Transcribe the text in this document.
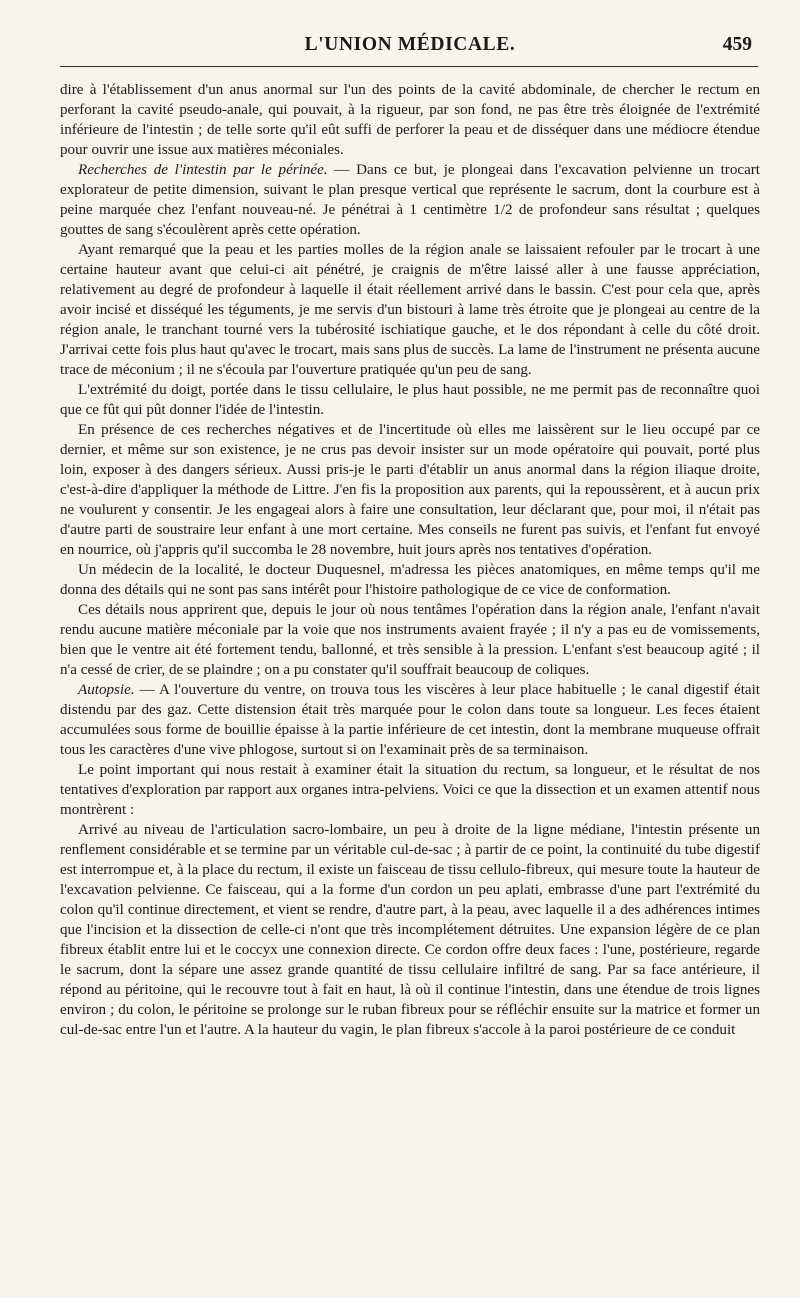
L'UNION MÉDICALE.	459

dire à l'établissement d'un anus anormal sur l'un des points de la cavité abdominale, de chercher le rectum en perforant la cavité pseudo-anale, qui pouvait, à la rigueur, par son fond, ne pas être très éloignée de l'extrémité inférieure de l'intestin ; de telle sorte qu'il eût suffi de perforer la peau et de disséquer dans une médiocre étendue pour ouvrir une issue aux matières méconiales.

Recherches de l'intestin par le périnée. — Dans ce but, je plongeai dans l'excavation pelvienne un trocart explorateur de petite dimension, suivant le plan presque vertical que représente le sacrum, dont la courbure est à peine marquée chez l'enfant nouveau-né. Je pénétrai à 1 centimètre 1/2 de profondeur sans résultat ; quelques gouttes de sang s'écoulèrent après cette opération.

Ayant remarqué que la peau et les parties molles de la région anale se laissaient refouler par le trocart à une certaine hauteur avant que celui-ci ait pénétré, je craignis de m'être laissé aller à une fausse appréciation, relativement au degré de profondeur à laquelle il était réellement arrivé dans le bassin. C'est pour cela que, après avoir incisé et disséqué les téguments, je me servis d'un bistouri à lame très étroite que je plongeai au centre de la région anale, le tranchant tourné vers la tubérosité ischiatique gauche, et le dos répondant à celle du côté droit. J'arrivai cette fois plus haut qu'avec le trocart, mais sans plus de succès. La lame de l'instrument ne présenta aucune trace de méconium ; il ne s'écoula par l'ouverture pratiquée qu'un peu de sang.

L'extrémité du doigt, portée dans le tissu cellulaire, le plus haut possible, ne me permit pas de reconnaître quoi que ce fût qui pût donner l'idée de l'intestin.

En présence de ces recherches négatives et de l'incertitude où elles me laissèrent sur le lieu occupé par ce dernier, et même sur son existence, je ne crus pas devoir insister sur un mode opératoire qui pouvait, porté plus loin, exposer à des dangers sérieux. Aussi pris-je le parti d'établir un anus anormal dans la région iliaque droite, c'est-à-dire d'appliquer la méthode de Littre. J'en fis la proposition aux parents, qui la repoussèrent, et à aucun prix ne voulurent y consentir. Je les engageai alors à faire une consultation, leur déclarant que, pour moi, il n'était pas d'autre parti de soustraire leur enfant à une mort certaine. Mes conseils ne furent pas suivis, et l'enfant fut envoyé en nourrice, où j'appris qu'il succomba le 28 novembre, huit jours après nos tentatives d'opération.

Un médecin de la localité, le docteur Duquesnel, m'adressa les pièces anatomiques, en même temps qu'il me donna des détails qui ne sont pas sans intérêt pour l'histoire pathologique de ce vice de conformation.

Ces détails nous apprirent que, depuis le jour où nous tentâmes l'opération dans la région anale, l'enfant n'avait rendu aucune matière méconiale par la voie que nos instruments avaient frayée ; il n'y a pas eu de vomissements, bien que le ventre ait été fortement tendu, ballonné, et très sensible à la pression. L'enfant s'est beaucoup agité ; il n'a cessé de crier, de se plaindre ; on a pu constater qu'il souffrait beaucoup de coliques.

Autopsie. — A l'ouverture du ventre, on trouva tous les viscères à leur place habituelle ; le canal digestif était distendu par des gaz. Cette distension était très marquée pour le colon dans toute sa longueur. Les feces étaient accumulées sous forme de bouillie épaisse à la partie inférieure de cet intestin, dont la membrane muqueuse offrait tous les caractères d'une vive phlogose, surtout si on l'examinait près de sa terminaison.

Le point important qui nous restait à examiner était la situation du rectum, sa longueur, et le résultat de nos tentatives d'exploration par rapport aux organes intra-pelviens. Voici ce que la dissection et un examen attentif nous montrèrent :

Arrivé au niveau de l'articulation sacro-lombaire, un peu à droite de la ligne médiane, l'intestin présente un renflement considérable et se termine par un véritable cul-de-sac ; à partir de ce point, la continuité du tube digestif est interrompue et, à la place du rectum, il existe un faisceau de tissu cellulo-fibreux, qui mesure toute la hauteur de l'excavation pelvienne. Ce faisceau, qui a la forme d'un cordon un peu aplati, embrasse d'une part l'extrémité du colon qu'il continue directement, et vient se rendre, d'autre part, à la peau, avec laquelle il a des adhérences intimes que l'incision et la dissection de celle-ci n'ont que très incomplétement détruites. Une expansion légère de ce plan fibreux établit entre lui et le coccyx une connexion directe. Ce cordon offre deux faces : l'une, postérieure, regarde le sacrum, dont la sépare une assez grande quantité de tissu cellulaire infiltré de sang. Par sa face antérieure, il répond au péritoine, qui le recouvre tout à fait en haut, là où il continue l'intestin, dans une étendue de trois lignes environ ; du colon, le péritoine se prolonge sur le ruban fibreux pour se réfléchir ensuite sur la matrice et former un cul-de-sac entre l'un et l'autre. A la hauteur du vagin, le plan fibreux s'accole à la paroi postérieure de ce conduit
